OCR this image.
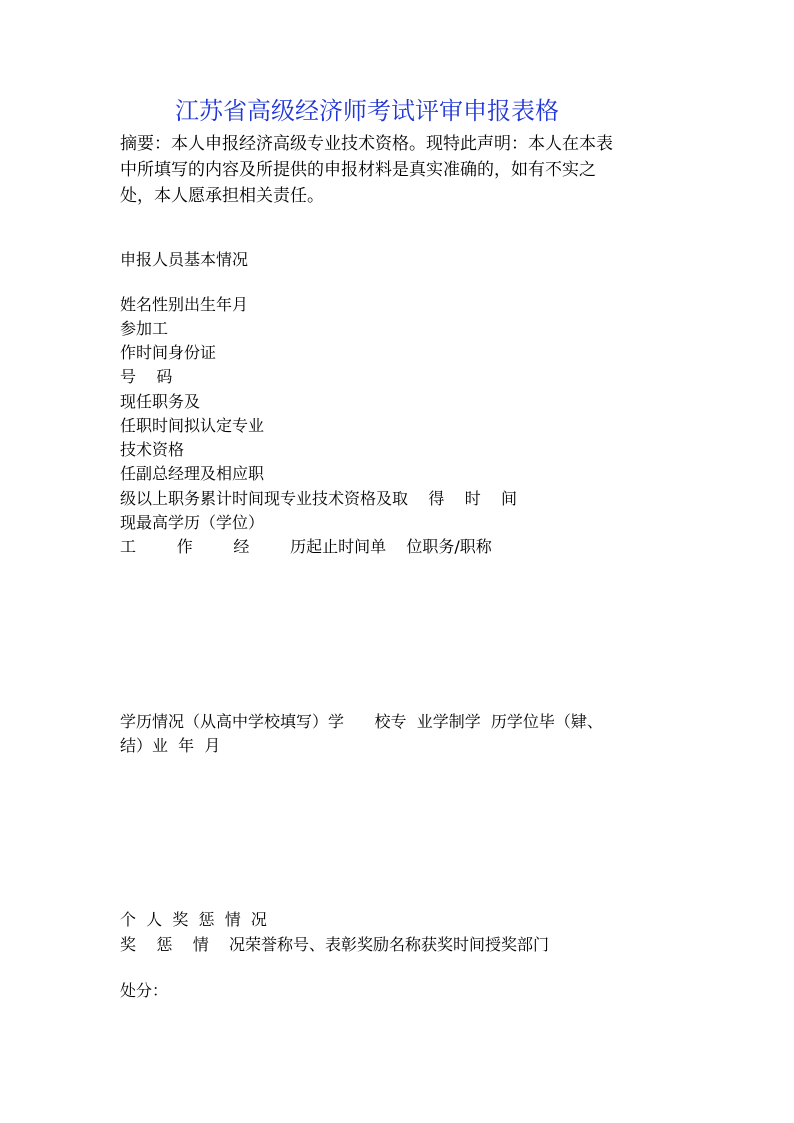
江苏省高级经济师考试评审申报表格
摘要：本人申报经济高级专业技术资格。现特此声明：本人在本表
中所填写的内容及所提供的申报材料是真实准确的，如有不实之
处，本人愿承担相关责任。
申报人员基本情况
姓名性别出生年月
参加工
作时间身份证
号    码
现任职务及
任职时间拟认定专业
技术资格
任副总经理及相应职
级以上职务累计时间现专业技术资格及取    得    时    间
现最高学历（学位）
工        作        经        历起止时间单    位职务/职称
学历情况（从高中学校填写）学      校专  业学制学  历学位毕（肄、
结）业  年  月
个  人  奖  惩  情  况
奖    惩    情    况荣誉称号、表彰奖励名称获奖时间授奖部门
处分：
